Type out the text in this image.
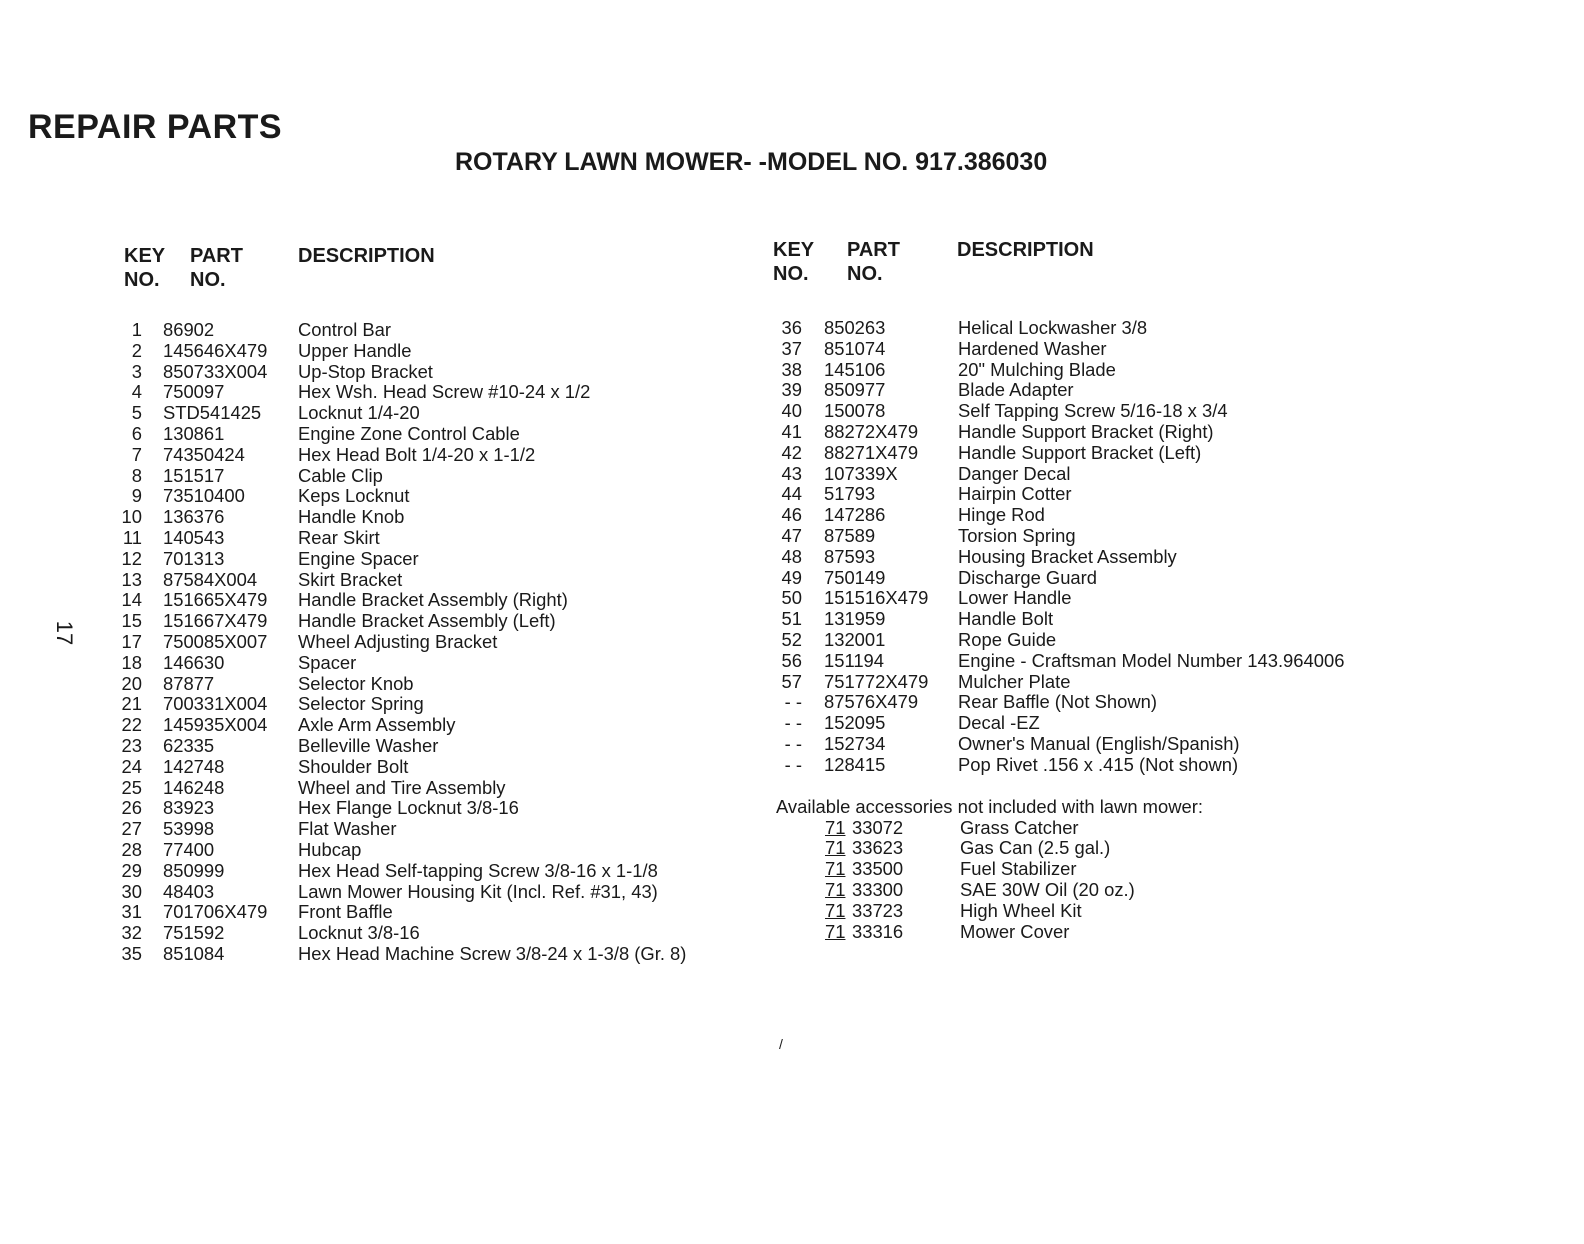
REPAIR PARTS
ROTARY LAWN MOWER- -MODEL NO. 917.386030
17
KEY
NO.
PART
NO.
DESCRIPTION
1 86902	Control Bar
2 145646X479 Upper Handle
3 850733X004 Up-Stop Bracket
4 750097	Hex Wsh. Head Screw #10-24 x 1/2
5 STD541425 Locknut 1/4-20
6 130861	Engine Zone Control Cable
7 74350424	Hex Head Bolt 1/4-20 x 1-1/2
8 151517	Cable Clip
9 73510400	Keps Locknut
10 136376	Handle Knob
11 140543	Rear Skirt
12 701313	Engine Spacer
13 87584X004 Skirt Bracket
14 151665X479 Handle Bracket Assembly (Right)
15 151667X479 Handle Bracket Assembly (Left)
17 750085X007 Wheel Adjusting Bracket
18 146630	Spacer
20 87877	Selector Knob
21 700331X004 Selector Spring
22 145935X004 Axle Arm Assembly
23 62335	Belleville Washer
24 142748	Shoulder Bolt
25 146248	Wheel and Tire Assembly
26 83923	Hex Flange Locknut 3/8-16
27 53998	Flat Washer
28 77400	Hubcap
29 850999	Hex Head Self-tapping Screw 3/8-16 x 1-1/8
30 48403	Lawn Mower Housing Kit (Incl. Ref. #31, 43)
31 701706X479 Front Baffle
32 751592	Locknut 3/8-16
35 851084	Hex Head Machine Screw 3/8-24 x 1-3/8 (Gr. 8)
KEY
NO.
PART
NO.
DESCRIPTION
36 850263	Helical Lockwasher 3/8
37 851074	Hardened Washer
38 145106	20" Mulching Blade
39 850977	Blade Adapter
40 150078	Self Tapping Screw 5/16-18 x 3/4
41 88272X479 Handle Support Bracket (Right)
42 88271X479 Handle Support Bracket (Left)
43 107339X	Danger Decal
44 51793	Hairpin Cotter
46 147286	Hinge Rod
47 87589	Torsion Spring
48 87593	Housing Bracket Assembly
49 750149	Discharge Guard
50 151516X479 Lower Handle
51 131959	Handle Bolt
52 132001	Rope Guide
56 151194	Engine - Craftsman Model Number 143.964006
57 751772X479 Mulcher Plate
- - 87576X479 Rear Baffle (Not Shown)
- - 152095	Decal -EZ
- - 152734	Owner's Manual (English/Spanish)
- - 128415	Pop Rivet .156 x .415 (Not shown)
Available accessories not included with lawn mower:
71 33072	Grass Catcher
71 33623	Gas Can (2.5 gal.)
71 33500	Fuel Stabilizer
71 33300	SAE 30W Oil (20 oz.)
71 33723	High Wheel Kit
71 33316	Mower Cover
/
